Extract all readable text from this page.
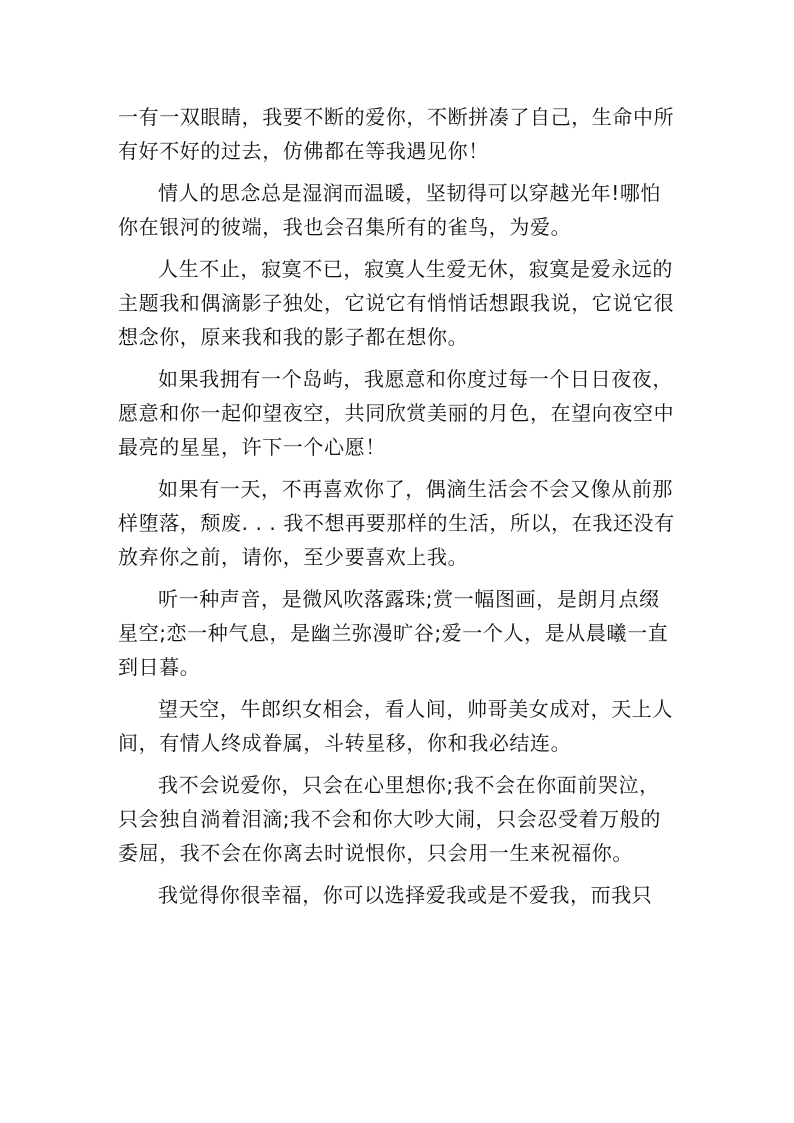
一有一双眼睛，我要不断的爱你，不断拼凑了自己，生命中所有好不好的过去，仿佛都在等我遇见你！

情人的思念总是湿润而温暖，坚韧得可以穿越光年!哪怕你在银河的彼端，我也会召集所有的雀鸟，为爱。

人生不止，寂寞不已，寂寞人生爱无休，寂寞是爱永远的主题我和偶滴影子独处，它说它有悄悄话想跟我说，它说它很想念你，原来我和我的影子都在想你。

如果我拥有一个岛屿，我愿意和你度过每一个日日夜夜，愿意和你一起仰望夜空，共同欣赏美丽的月色，在望向夜空中最亮的星星，许下一个心愿！

如果有一天，不再喜欢你了，偶滴生活会不会又像从前那样堕落，颓废. . . 我不想再要那样的生活，所以，在我还没有放弃你之前，请你，至少要喜欢上我。

听一种声音，是微风吹落露珠;赏一幅图画，是朗月点缀星空;恋一种气息，是幽兰弥漫旷谷;爱一个人，是从晨曦一直到日暮。

望天空，牛郎织女相会，看人间，帅哥美女成对，天上人间，有情人终成眷属，斗转星移，你和我必结连。

我不会说爱你，只会在心里想你;我不会在你面前哭泣，只会独自淌着泪滴;我不会和你大吵大闹，只会忍受着万般的委屈，我不会在你离去时说恨你，只会用一生来祝福你。

我觉得你很幸福，你可以选择爱我或是不爱我，而我只
